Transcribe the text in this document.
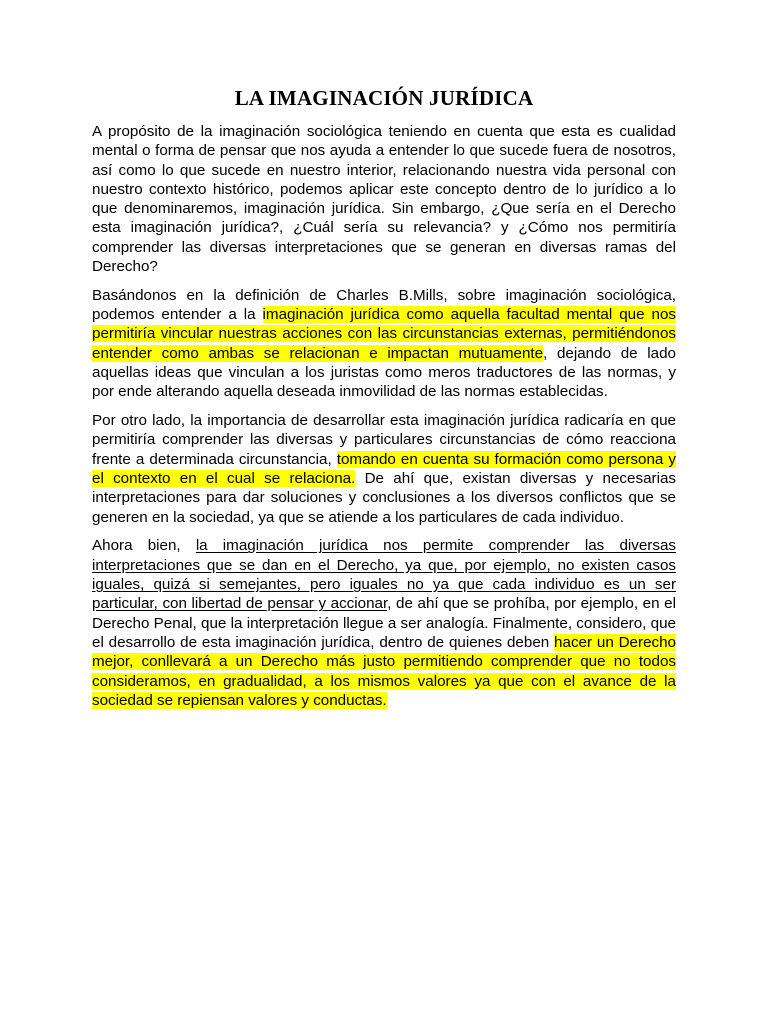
LA IMAGINACIÓN JURÍDICA

A propósito de la imaginación sociológica teniendo en cuenta que esta es cualidad mental o forma de pensar que nos ayuda a entender lo que sucede fuera de nosotros, así como lo que sucede en nuestro interior, relacionando nuestra vida personal con nuestro contexto histórico, podemos aplicar este concepto dentro de lo jurídico a lo que denominaremos, imaginación jurídica. Sin embargo, ¿Que sería en el Derecho esta imaginación jurídica?, ¿Cuál sería su relevancia? y ¿Cómo nos permitiría comprender las diversas interpretaciones que se generan en diversas ramas del Derecho?

Basándonos en la definición de Charles B.Mills, sobre imaginación sociológica, podemos entender a la imaginación jurídica como aquella facultad mental que nos permitiría vincular nuestras acciones con las circunstancias externas, permitiéndonos entender como ambas se relacionan e impactan mutuamente, dejando de lado aquellas ideas que vinculan a los juristas como meros traductores de las normas, y por ende alterando aquella deseada inmovilidad de las normas establecidas.

Por otro lado, la importancia de desarrollar esta imaginación jurídica radicaría en que permitiría comprender las diversas y particulares circunstancias de cómo reacciona frente a determinada circunstancia, tomando en cuenta su formación como persona y el contexto en el cual se relaciona. De ahí que, existan diversas y necesarias interpretaciones para dar soluciones y conclusiones a los diversos conflictos que se generen en la sociedad, ya que se atiende a los particulares de cada individuo.

Ahora bien, la imaginación jurídica nos permite comprender las diversas interpretaciones que se dan en el Derecho, ya que, por ejemplo, no existen casos iguales, quizá si semejantes, pero iguales no ya que cada individuo es un ser particular, con libertad de pensar y accionar, de ahí que se prohíba, por ejemplo, en el Derecho Penal, que la interpretación llegue a ser analogía. Finalmente, considero, que el desarrollo de esta imaginación jurídica, dentro de quienes deben hacer un Derecho mejor, conllevará a un Derecho más justo permitiendo comprender que no todos consideramos, en gradualidad, a los mismos valores ya que con el avance de la sociedad se repiensan valores y conductas.
